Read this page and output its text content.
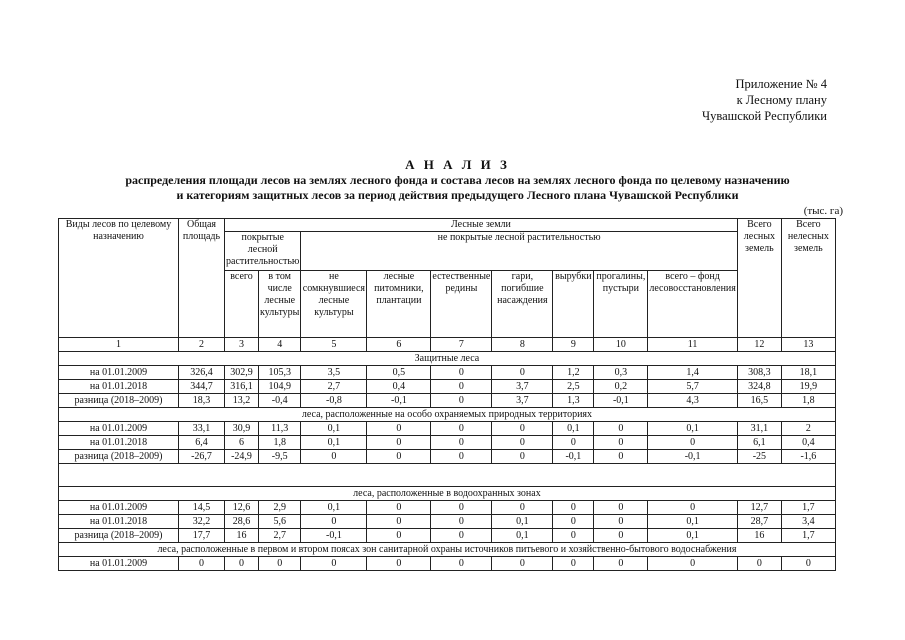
Приложение № 4
к Лесному плану
Чувашской Республики
А Н А Л И З
распределения площади лесов на землях лесного фонда и состава лесов на землях лесного фонда по целевому назначению
и категориям защитных лесов за период действия предыдущего Лесного плана Чувашской Республики
(тыс. га)
Виды лесов по целевому назначению	Общая площадь	Лесные земли									Всего лесных земель	Всего нелесных земель
		покрытые лесной растительностью		не покрытые лесной растительностью								
		всего	в том числе лесные культуры	не сомкнувшиеся лесные культуры	лесные питомники, плантации	естественные редины	гари, погибшие насаждения	вырубки	прогалины, пустыри	всего – фонд лесовосстановления		
1	2	3	4	5	6	7	8	9	10	11	12	13
Защитные леса												
на 01.01.2009	326,4	302,9	105,3	3,5	0,5	0	0	1,2	0,3	1,4	308,3	18,1
на 01.01.2018	344,7	316,1	104,9	2,7	0,4	0	3,7	2,5	0,2	5,7	324,8	19,9
разница (2018–2009)	18,3	13,2	-0,4	-0,8	-0,1	0	3,7	1,3	-0,1	4,3	16,5	1,8
леса, расположенные на особо охраняемых природных территориях												
на 01.01.2009	33,1	30,9	11,3	0,1	0	0	0	0,1	0	0,1	31,1	2
на 01.01.2018	6,4	6	1,8	0,1	0	0	0	0	0	0	6,1	0,4
разница (2018–2009)	-26,7	-24,9	-9,5	0	0	0	0	-0,1	0	-0,1	-25	-1,6

леса, расположенные в водоохранных зонах												
на 01.01.2009	14,5	12,6	2,9	0,1	0	0	0	0	0	0	12,7	1,7
на 01.01.2018	32,2	28,6	5,6	0	0	0	0,1	0	0	0,1	28,7	3,4
разница (2018–2009)	17,7	16	2,7	-0,1	0	0	0,1	0	0	0,1	16	1,7
леса, расположенные в первом и втором поясах зон санитарной охраны источников питьевого и хозяйственно-бытового водоснабжения												
на 01.01.2009	0	0	0	0	0	0	0	0	0	0	0	0
